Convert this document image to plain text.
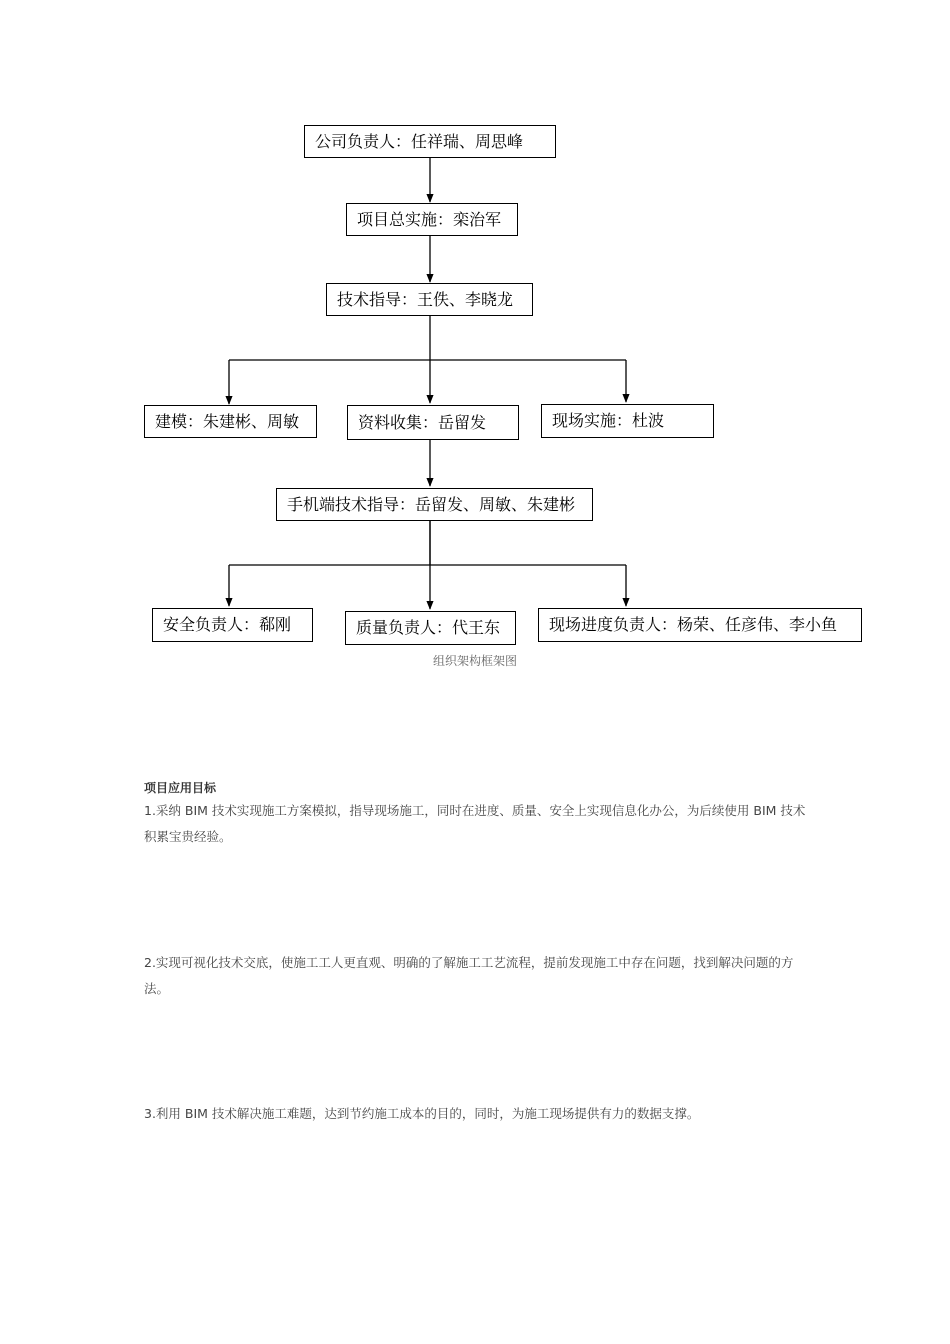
公司负责人：任祥瑞、周思峰
项目总实施：栾治军
技术指导：王佚、李晓龙
建模：朱建彬、周敏	资料收集：岳留发	现场实施：杜波
手机端技术指导：岳留发、周敏、朱建彬
安全负责人：郗刚	质量负责人：代王东	现场进度负责人：杨荣、任彦伟、李小鱼
组织架构框架图
项目应用目标
1.采纳 BIM 技术实现施工方案模拟，指导现场施工，同时在进度、质量、安全上实现信息化办公，为后续使用 BIM 技术积累宝贵经验。
2.实现可视化技术交底，使施工工人更直观、明确的了解施工工艺流程，提前发现施工中存在问题，找到解决问题的方法。
3.利用 BIM 技术解决施工难题，达到节约施工成本的目的，同时，为施工现场提供有力的数据支撑。
